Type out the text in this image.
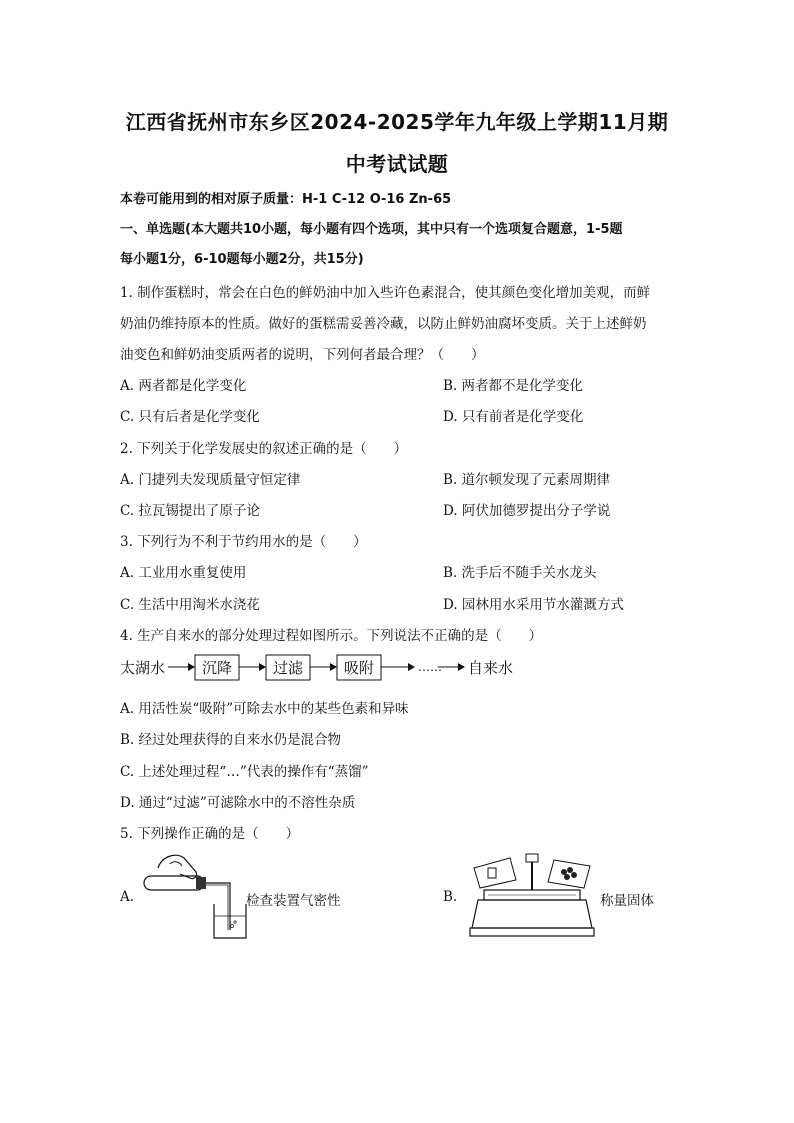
江西省抚州市东乡区2024-2025学年九年级上学期11月期
中考试试题
本卷可能用到的相对原子质量：H-1 C-12 O-16 Zn-65
一、单选题(本大题共10小题，每小题有四个选项，其中只有一个选项复合题意，1-5题
每小题1分，6-10题每小题2分，共15分)
1. 制作蛋糕时，常会在白色的鲜奶油中加入些许色素混合，使其颜色变化增加美观，而鲜
奶油仍维持原本的性质。做好的蛋糕需妥善冷藏，以防止鲜奶油腐坏变质。关于上述鲜奶
油变色和鲜奶油变质两者的说明，下列何者最合理？（　　）
A. 两者都是化学变化	B. 两者都不是化学变化
C. 只有后者是化学变化	D. 只有前者是化学变化
2. 下列关于化学发展史的叙述正确的是（　　）
A. 门捷列夫发现质量守恒定律	B. 道尔顿发现了元素周期律
C. 拉瓦锡提出了原子论	D. 阿伏加德罗提出分子学说
3. 下列行为不利于节约用水的是（　　）
A. 工业用水重复使用	B. 洗手后不随手关水龙头
C. 生活中用淘米水浇花	D. 园林用水采用节水灌溉方式
4. 生产自来水的部分处理过程如图所示。下列说法不正确的是（　　）
太湖水 沉降	过滤	吸附	…… 自来水
A. 用活性炭“吸附”可除去水中的某些色素和异味
B. 经过处理获得的自来水仍是混合物
C. 上述处理过程“…”代表的操作有“蒸馏”
D. 通过“过滤”可滤除水中的不溶性杂质
5. 下列操作正确的是（　　）
A.	检查装置气密性	B.	称量固体
